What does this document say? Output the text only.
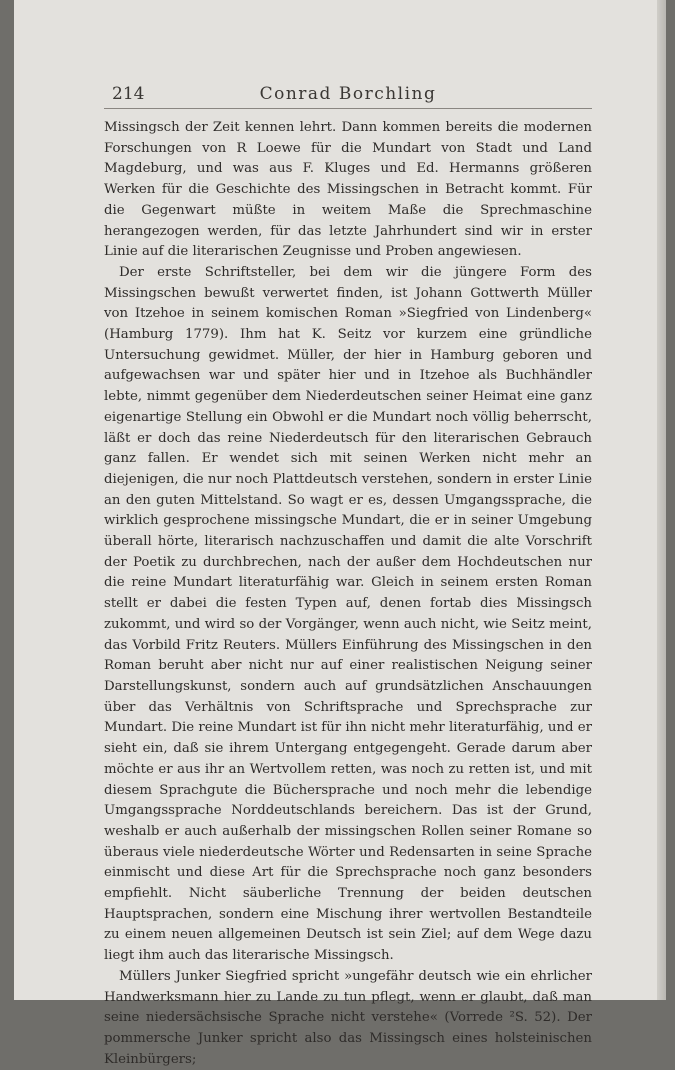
214	Conrad Borchling

Missingsch der Zeit kennen lehrt. Dann kommen bereits die modernen Forschungen von R Loewe für die Mundart von Stadt und Land Magdeburg, und was aus F. Kluges und Ed. Hermanns größeren Werken für die Geschichte des Missingschen in Betracht kommt. Für die Gegenwart müßte in weitem Maße die Sprechmaschine herangezogen werden, für das letzte Jahrhundert sind wir in erster Linie auf die literarischen Zeugnisse und Proben angewiesen.

Der erste Schriftsteller, bei dem wir die jüngere Form des Missingschen bewußt verwertet finden, ist Johann Gottwerth Müller von Itzehoe in seinem komischen Roman »Siegfried von Lindenberg« (Hamburg 1779). Ihm hat K. Seitz vor kurzem eine gründliche Untersuchung gewidmet. Müller, der hier in Hamburg geboren und aufgewachsen war und später hier und in Itzehoe als Buchhändler lebte, nimmt gegenüber dem Niederdeutschen seiner Heimat eine ganz eigenartige Stellung ein Obwohl er die Mundart noch völlig beherrscht, läßt er doch das reine Niederdeutsch für den literarischen Gebrauch ganz fallen. Er wendet sich mit seinen Werken nicht mehr an diejenigen, die nur noch Plattdeutsch verstehen, sondern in erster Linie an den guten Mittelstand. So wagt er es, dessen Umgangssprache, die wirklich gesprochene missingsche Mundart, die er in seiner Umgebung überall hörte, literarisch nachzuschaffen und damit die alte Vorschrift der Poetik zu durchbrechen, nach der außer dem Hochdeutschen nur die reine Mundart literaturfähig war. Gleich in seinem ersten Roman stellt er dabei die festen Typen auf, denen fortab dies Missingsch zukommt, und wird so der Vorgänger, wenn auch nicht, wie Seitz meint, das Vorbild Fritz Reuters. Müllers Einführung des Missingschen in den Roman beruht aber nicht nur auf einer realistischen Neigung seiner Darstellungskunst, sondern auch auf grundsätzlichen Anschauungen über das Verhältnis von Schriftsprache und Sprechsprache zur Mundart. Die reine Mundart ist für ihn nicht mehr literaturfähig, und er sieht ein, daß sie ihrem Untergang entgegengeht. Gerade darum aber möchte er aus ihr an Wertvollem retten, was noch zu retten ist, und mit diesem Sprachgute die Büchersprache und noch mehr die lebendige Umgangssprache Norddeutschlands bereichern. Das ist der Grund, weshalb er auch außerhalb der missingschen Rollen seiner Romane so überaus viele niederdeutsche Wörter und Redensarten in seine Sprache einmischt und diese Art für die Sprechsprache noch ganz besonders empfiehlt. Nicht säuberliche Trennung der beiden deutschen Hauptsprachen, sondern eine Mischung ihrer wertvollen Bestandteile zu einem neuen allgemeinen Deutsch ist sein Ziel; auf dem Wege dazu liegt ihm auch das literarische Missingsch.

Müllers Junker Siegfried spricht »ungefähr deutsch wie ein ehrlicher Handwerksmann hier zu Lande zu tun pflegt, wenn er glaubt, daß man seine niedersächsische Sprache nicht verstehe« (Vorrede ²S. 52). Der pommersche Junker spricht also das Missingsch eines holsteinischen Kleinbürgers;
